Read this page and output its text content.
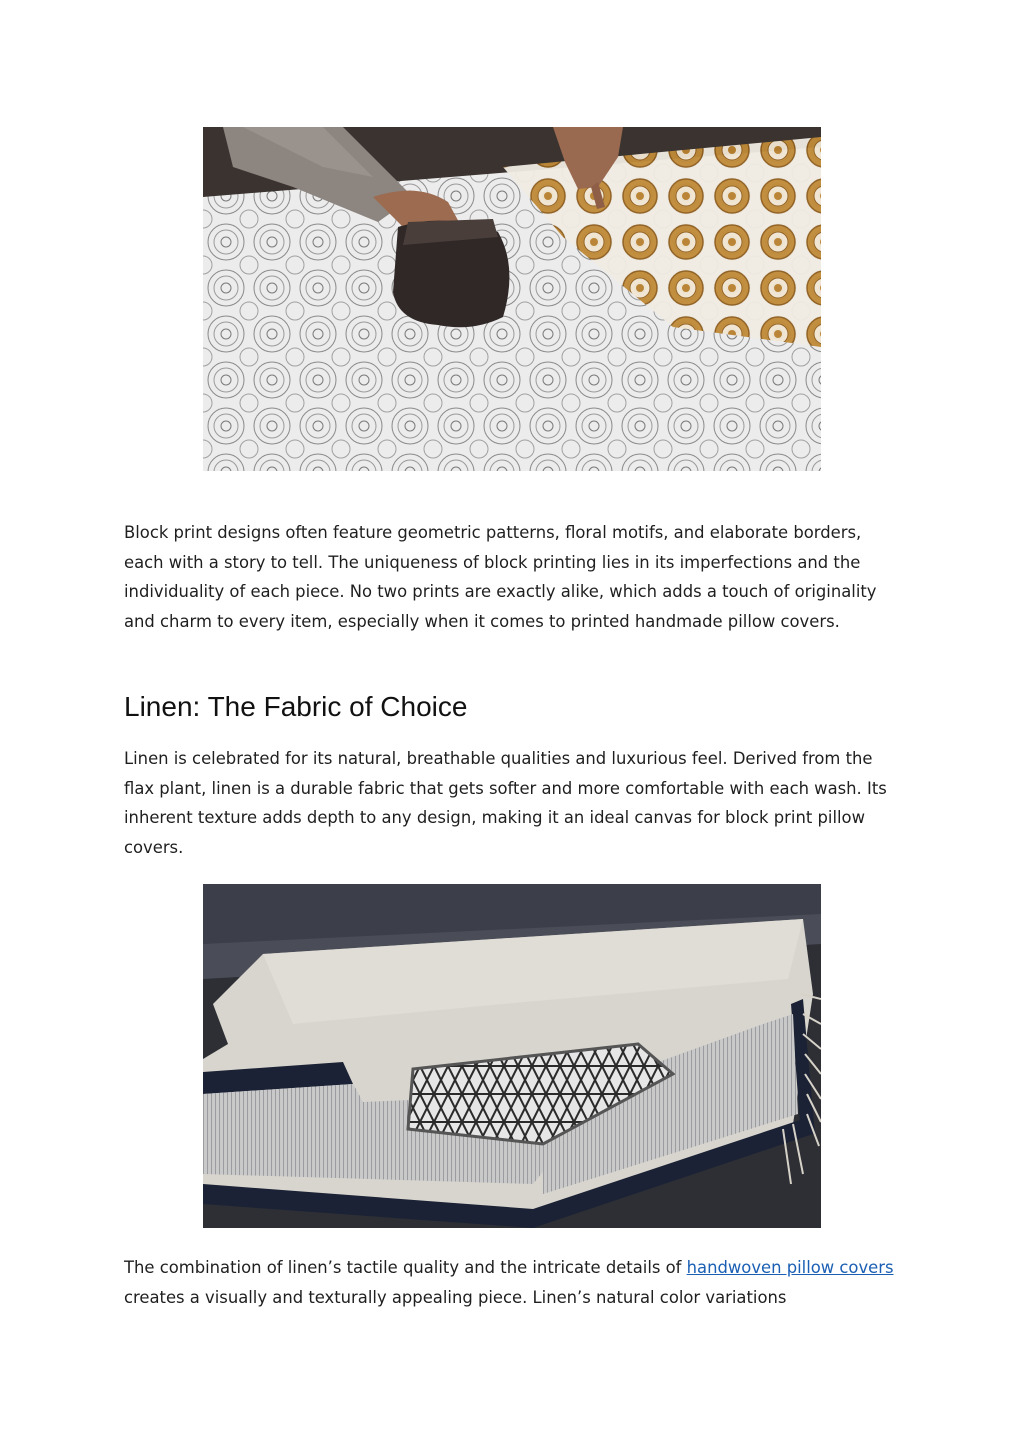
Block print designs often feature geometric patterns, floral motifs, and elaborate borders, each with a story to tell. The uniqueness of block printing lies in its imperfections and the individuality of each piece. No two prints are exactly alike, which adds a touch of originality and charm to every item, especially when it comes to printed handmade pillow covers.

Linen: The Fabric of Choice

Linen is celebrated for its natural, breathable qualities and luxurious feel. Derived from the flax plant, linen is a durable fabric that gets softer and more comfortable with each wash. Its inherent texture adds depth to any design, making it an ideal canvas for block print pillow covers.

The combination of linen’s tactile quality and the intricate details of handwoven pillow covers creates a visually and texturally appealing piece. Linen’s natural color variations
